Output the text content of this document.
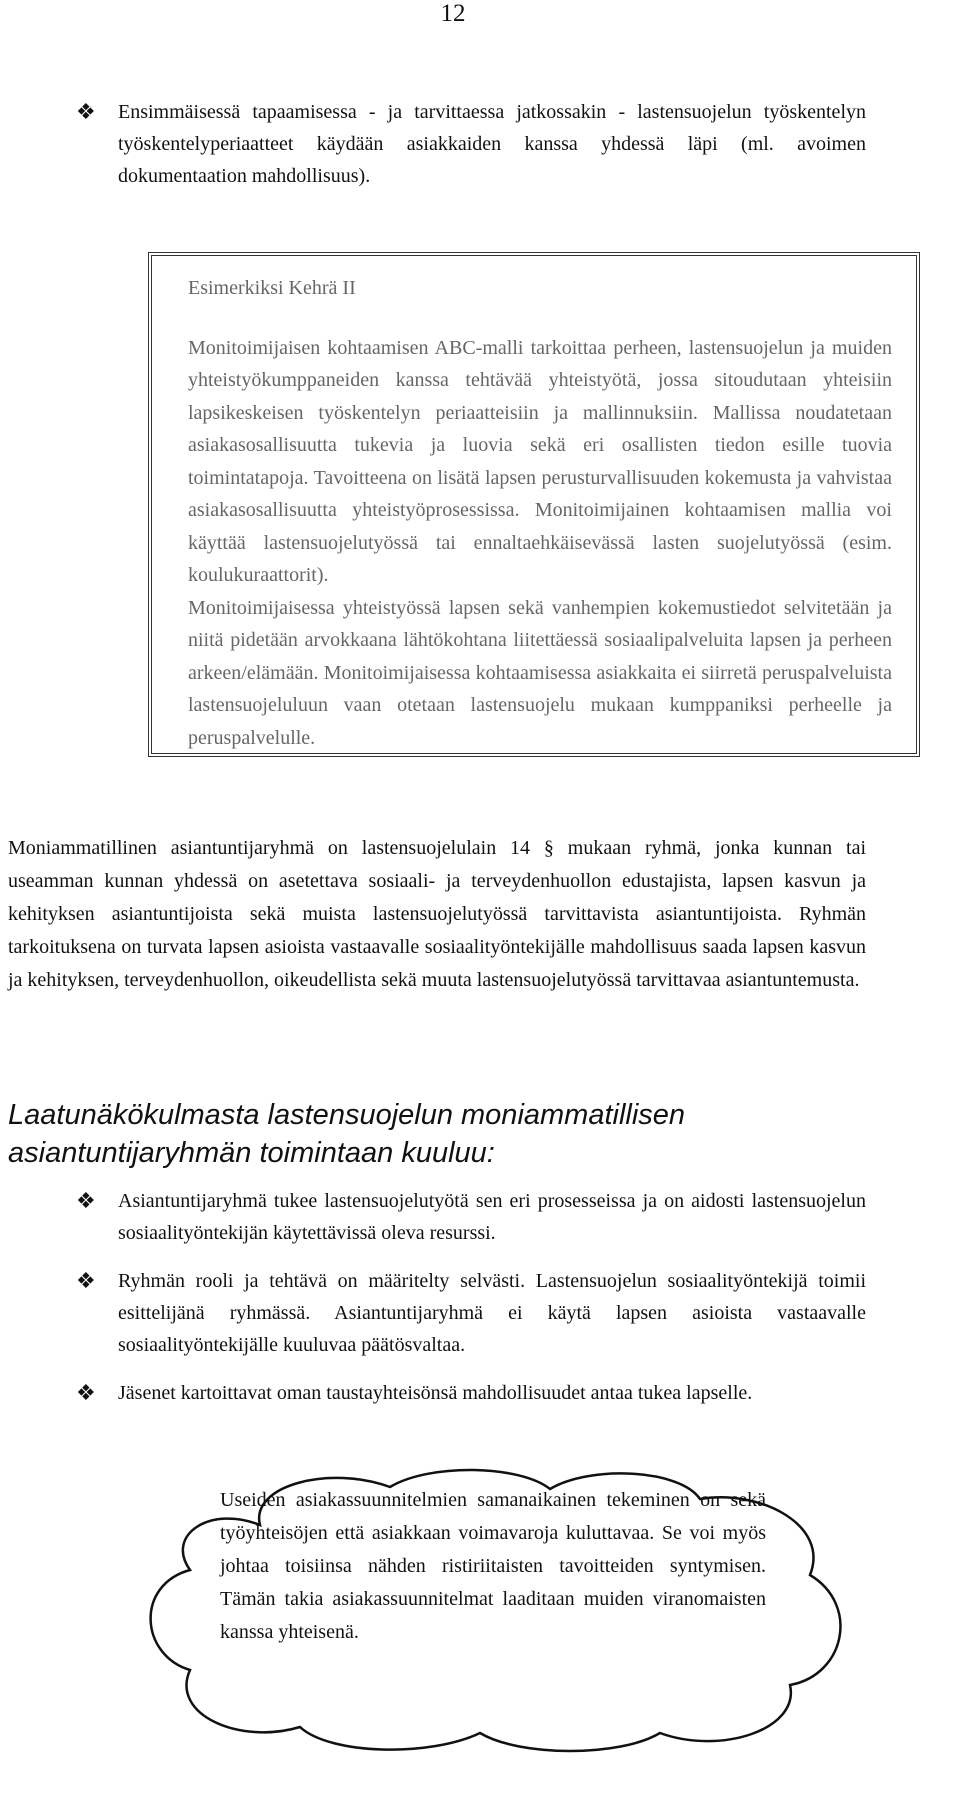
12
❖ Ensimmäisessä tapaamisessa - ja tarvittaessa jatkossakin - lastensuojelun työskentelyn työskentelyperiaatteet käydään asiakkaiden kanssa yhdessä läpi (ml. avoimen dokumentaation mahdollisuus).

Esimerkiksi Kehrä II

Monitoimijaisen kohtaamisen ABC-malli tarkoittaa perheen, lastensuojelun ja muiden yhteistyökumppaneiden kanssa tehtävää yhteistyötä, jossa sitoudutaan yhteisiin lapsikeskeisen työskentelyn periaatteisiin ja mallinnuksiin. Mallissa noudatetaan asiakasosallisuutta tukevia ja luovia sekä eri osallisten tiedon esille tuovia toimintatapoja. Tavoitteena on lisätä lapsen perusturvallisuuden kokemusta ja vahvistaa asiakasosallisuutta yhteistyöprosessissa. Monitoimijainen kohtaamisen mallia voi käyttää lastensuojelutyössä tai ennaltaehkäisevässä lasten suojelutyössä (esim. koulukuraattorit).

Monitoimijaisessa yhteistyössä lapsen sekä vanhempien kokemustiedot selvitetään ja niitä pidetään arvokkaana lähtökohtana liitettäessä sosiaalipalveluita lapsen ja perheen arkeen/elämään. Monitoimijaisessa kohtaamisessa asiakkaita ei siirretä peruspalveluista lastensuojeluluun vaan otetaan lastensuojelu mukaan kumppaniksi perheelle ja peruspalvelulle.

Moniammatillinen asiantuntijaryhmä on lastensuojelulain 14 § mukaan ryhmä, jonka kunnan tai useamman kunnan yhdessä on asetettava sosiaali- ja terveydenhuollon edustajista, lapsen kasvun ja kehityksen asiantuntijoista sekä muista lastensuojelutyössä tarvittavista asiantuntijoista. Ryhmän tarkoituksena on turvata lapsen asioista vastaavalle sosiaalityöntekijälle mahdollisuus saada lapsen kasvun ja kehityksen, terveydenhuollon, oikeudellista sekä muuta lastensuojelutyössä tarvittavaa asiantuntemusta.

Laatunäkökulmasta lastensuojelun moniammatillisen asiantuntijaryhmän toimintaan kuuluu:
❖ Asiantuntijaryhmä tukee lastensuojelutyötä sen eri prosesseissa ja on aidosti lastensuojelun sosiaalityöntekijän käytettävissä oleva resurssi.
❖ Ryhmän rooli ja tehtävä on määritelty selvästi. Lastensuojelun sosiaalityöntekijä toimii esittelijänä ryhmässä. Asiantuntijaryhmä ei käytä lapsen asioista vastaavalle sosiaalityöntekijälle kuuluvaa päätösvaltaa.
❖ Jäsenet kartoittavat oman taustayhteisönsä mahdollisuudet antaa tukea lapselle.

Useiden asiakassuunnitelmien samanaikainen tekeminen on sekä työyhteisöjen että asiakkaan voimavaroja kuluttavaa. Se voi myös johtaa toisiinsa nähden ristiriitaisten tavoitteiden syntymisen. Tämän takia asiakassuunnitelmat laaditaan muiden viranomaisten kanssa yhteisenä.
